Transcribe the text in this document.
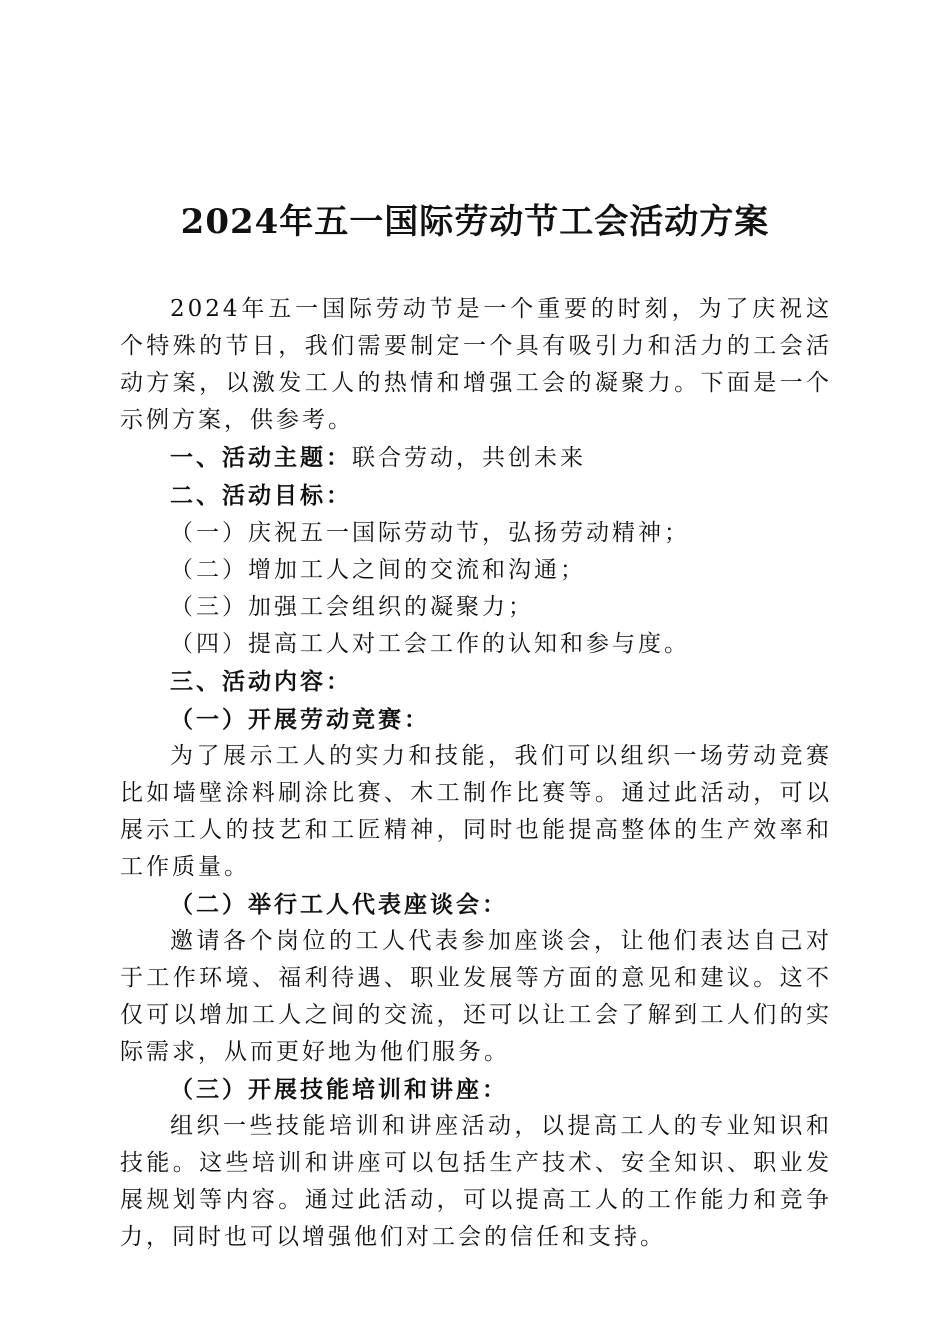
2024年五一国际劳动节工会活动方案

2024年五一国际劳动节是一个重要的时刻，为了庆祝这个特殊的节日，我们需要制定一个具有吸引力和活力的工会活动方案，以激发工人的热情和增强工会的凝聚力。下面是一个示例方案，供参考。

一、活动主题：联合劳动，共创未来

二、活动目标：

（一）庆祝五一国际劳动节，弘扬劳动精神；

（二）增加工人之间的交流和沟通；

（三）加强工会组织的凝聚力；

（四）提高工人对工会工作的认知和参与度。

三、活动内容：

（一）开展劳动竞赛：

为了展示工人的实力和技能，我们可以组织一场劳动竞赛比如墙壁涂料刷涂比赛、木工制作比赛等。通过此活动，可以展示工人的技艺和工匠精神，同时也能提高整体的生产效率和工作质量。

（二）举行工人代表座谈会：

邀请各个岗位的工人代表参加座谈会，让他们表达自己对于工作环境、福利待遇、职业发展等方面的意见和建议。这不仅可以增加工人之间的交流，还可以让工会了解到工人们的实际需求，从而更好地为他们服务。

（三）开展技能培训和讲座：

组织一些技能培训和讲座活动，以提高工人的专业知识和技能。这些培训和讲座可以包括生产技术、安全知识、职业发展规划等内容。通过此活动，可以提高工人的工作能力和竞争力，同时也可以增强他们对工会的信任和支持。
